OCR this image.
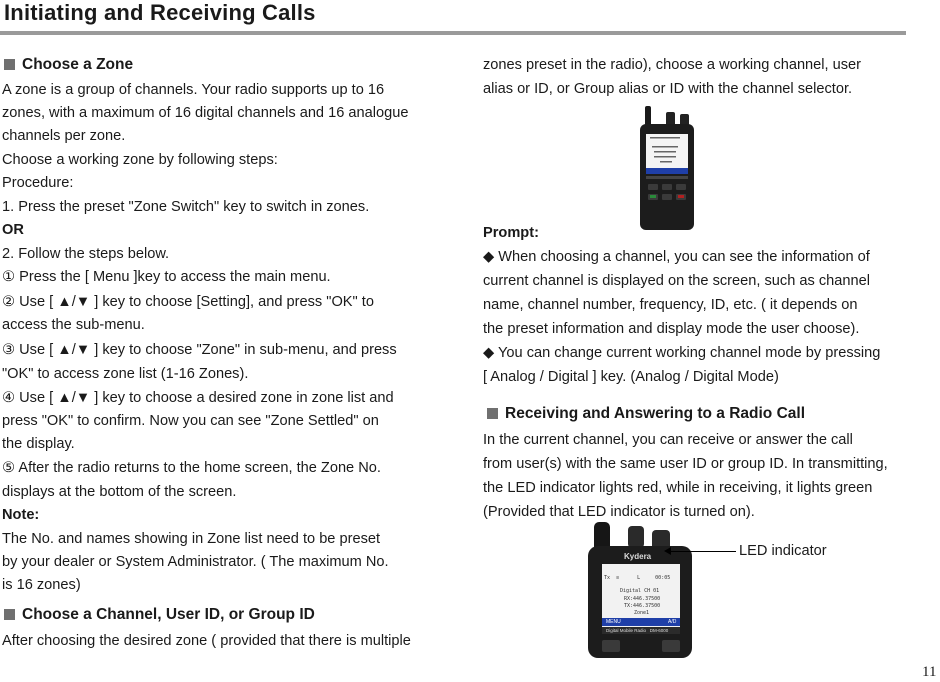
Initiating and Receiving Calls
Choose a Zone
A zone is a group of channels. Your radio supports up to 16
zones, with a maximum of 16 digital channels and 16 analogue
channels per zone.
Choose a working zone by following steps:
Procedure:
1. Press the preset "Zone Switch" key to switch in zones.
OR
2. Follow the steps below.
① Press the [ Menu ]key to access the main menu.
② Use [ ▲/▼ ] key to choose [Setting], and press "OK" to
access the sub-menu.
③ Use [ ▲/▼ ] key to choose "Zone" in sub-menu, and press
"OK" to access zone list (1-16 Zones).
④ Use [ ▲/▼ ] key to choose a desired zone in zone list and
press "OK" to confirm. Now you can see "Zone Settled" on
the display.
⑤ After the radio returns to the home screen, the Zone No.
displays at the bottom of the screen.
Note:
The No. and names showing in Zone list need to be preset
by your dealer or System Administrator. ( The maximum No.
is 16 zones)
Choose a Channel, User ID, or Group ID
After choosing the desired zone ( provided that there is multiple
zones preset in the radio), choose a working channel, user
alias or ID, or Group alias or ID with the channel selector.
Prompt:
◆ When choosing a channel, you can see the information of
current channel is displayed on the screen, such as channel
name, channel number, frequency, ID, etc. ( it depends on
the preset information and display mode the user choose).
◆ You can change current working channel mode by pressing
[ Analog / Digital ] key. (Analog / Digital Mode)
Receiving and Answering to a Radio Call
In the current channel, you can receive or answer the call
from user(s) with the same user ID or group ID. In transmitting,
the LED indicator lights red, while in receiving, it lights green
(Provided that LED indicator is turned on).
Kydera
Tx  ≡      L     00:05
Digital CH 01
RX:446.37500
TX:446.37500
Zone1
MENU	A/D
Digital Mobile Radio   DM-6000
LED indicator
11
